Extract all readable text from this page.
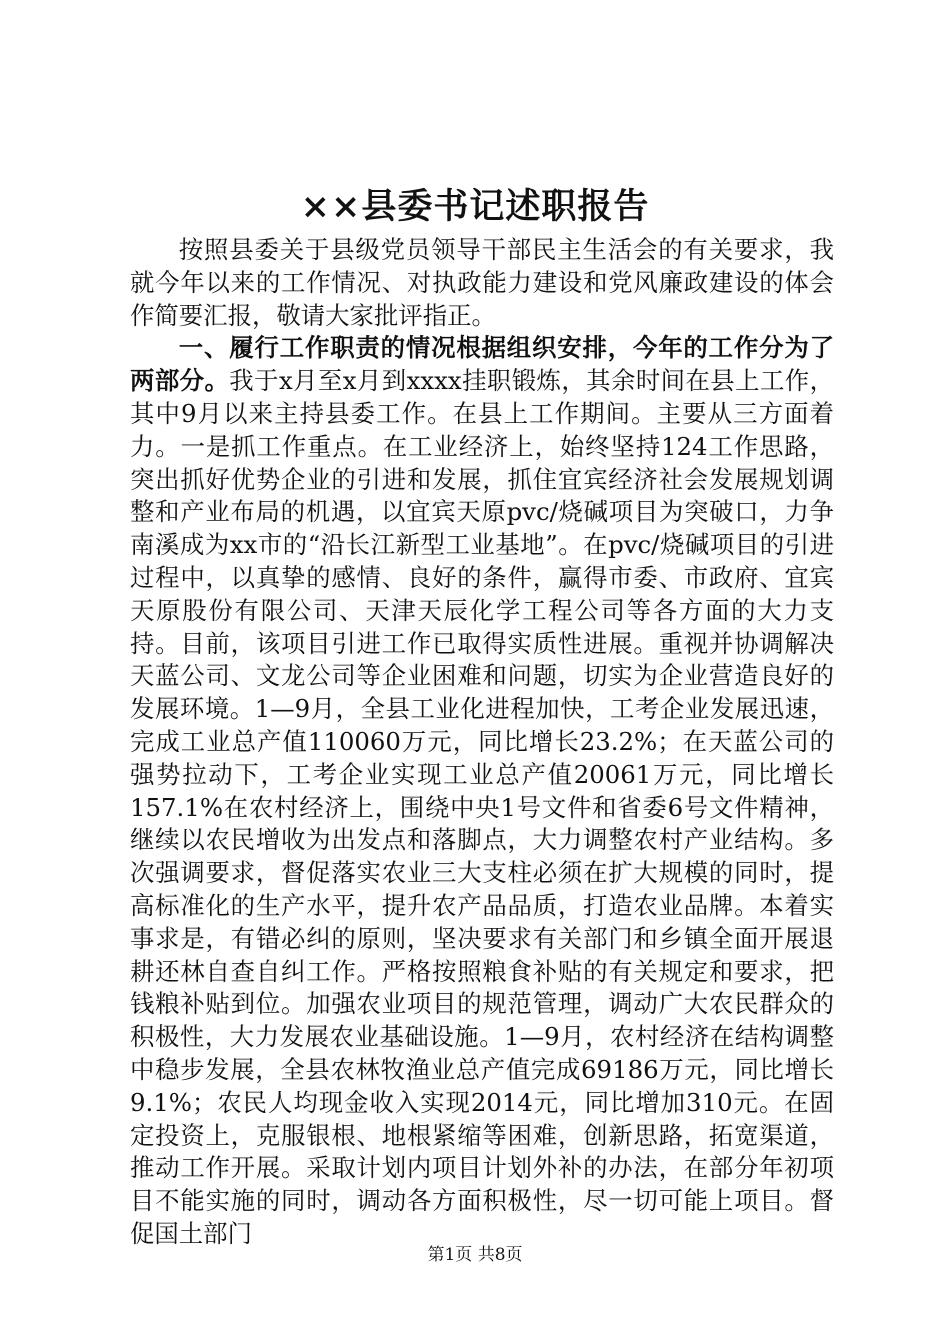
××县委书记述职报告

按照县委关于县级党员领导干部民主生活会的有关要求，我就今年以来的工作情况、对执政能力建设和党风廉政建设的体会作简要汇报，敬请大家批评指正。

一、履行工作职责的情况根据组织安排，今年的工作分为了两部分。我于x月至x月到xxxx挂职锻炼，其余时间在县上工作，其中9月以来主持县委工作。在县上工作期间。主要从三方面着力。一是抓工作重点。在工业经济上，始终坚持124工作思路，突出抓好优势企业的引进和发展，抓住宜宾经济社会发展规划调整和产业布局的机遇，以宜宾天原pvc/烧碱项目为突破口，力争南溪成为xx市的“沿长江新型工业基地”。在pvc/烧碱项目的引进过程中，以真挚的感情、良好的条件，赢得市委、市政府、宜宾天原股份有限公司、天津天辰化学工程公司等各方面的大力支持。目前，该项目引进工作已取得实质性进展。重视并协调解决天蓝公司、文龙公司等企业困难和问题，切实为企业营造良好的发展环境。1—9月，全县工业化进程加快，工考企业发展迅速，完成工业总产值110060万元，同比增长23.2%；在天蓝公司的强势拉动下，工考企业实现工业总产值20061万元，同比增长157.1%在农村经济上，围绕中央1号文件和省委6号文件精神，继续以农民增收为出发点和落脚点，大力调整农村产业结构。多次强调要求，督促落实农业三大支柱必须在扩大规模的同时，提高标准化的生产水平，提升农产品品质，打造农业品牌。本着实事求是，有错必纠的原则，坚决要求有关部门和乡镇全面开展退耕还林自查自纠工作。严格按照粮食补贴的有关规定和要求，把钱粮补贴到位。加强农业项目的规范管理，调动广大农民群众的积极性，大力发展农业基础设施。1—9月，农村经济在结构调整中稳步发展，全县农林牧渔业总产值完成69186万元，同比增长9.1%；农民人均现金收入实现2014元，同比增加310元。在固定投资上，克服银根、地根紧缩等困难，创新思路，拓宽渠道，推动工作开展。采取计划内项目计划外补的办法，在部分年初项目不能实施的同时，调动各方面积极性，尽一切可能上项目。督促国土部门

第1页 共8页
